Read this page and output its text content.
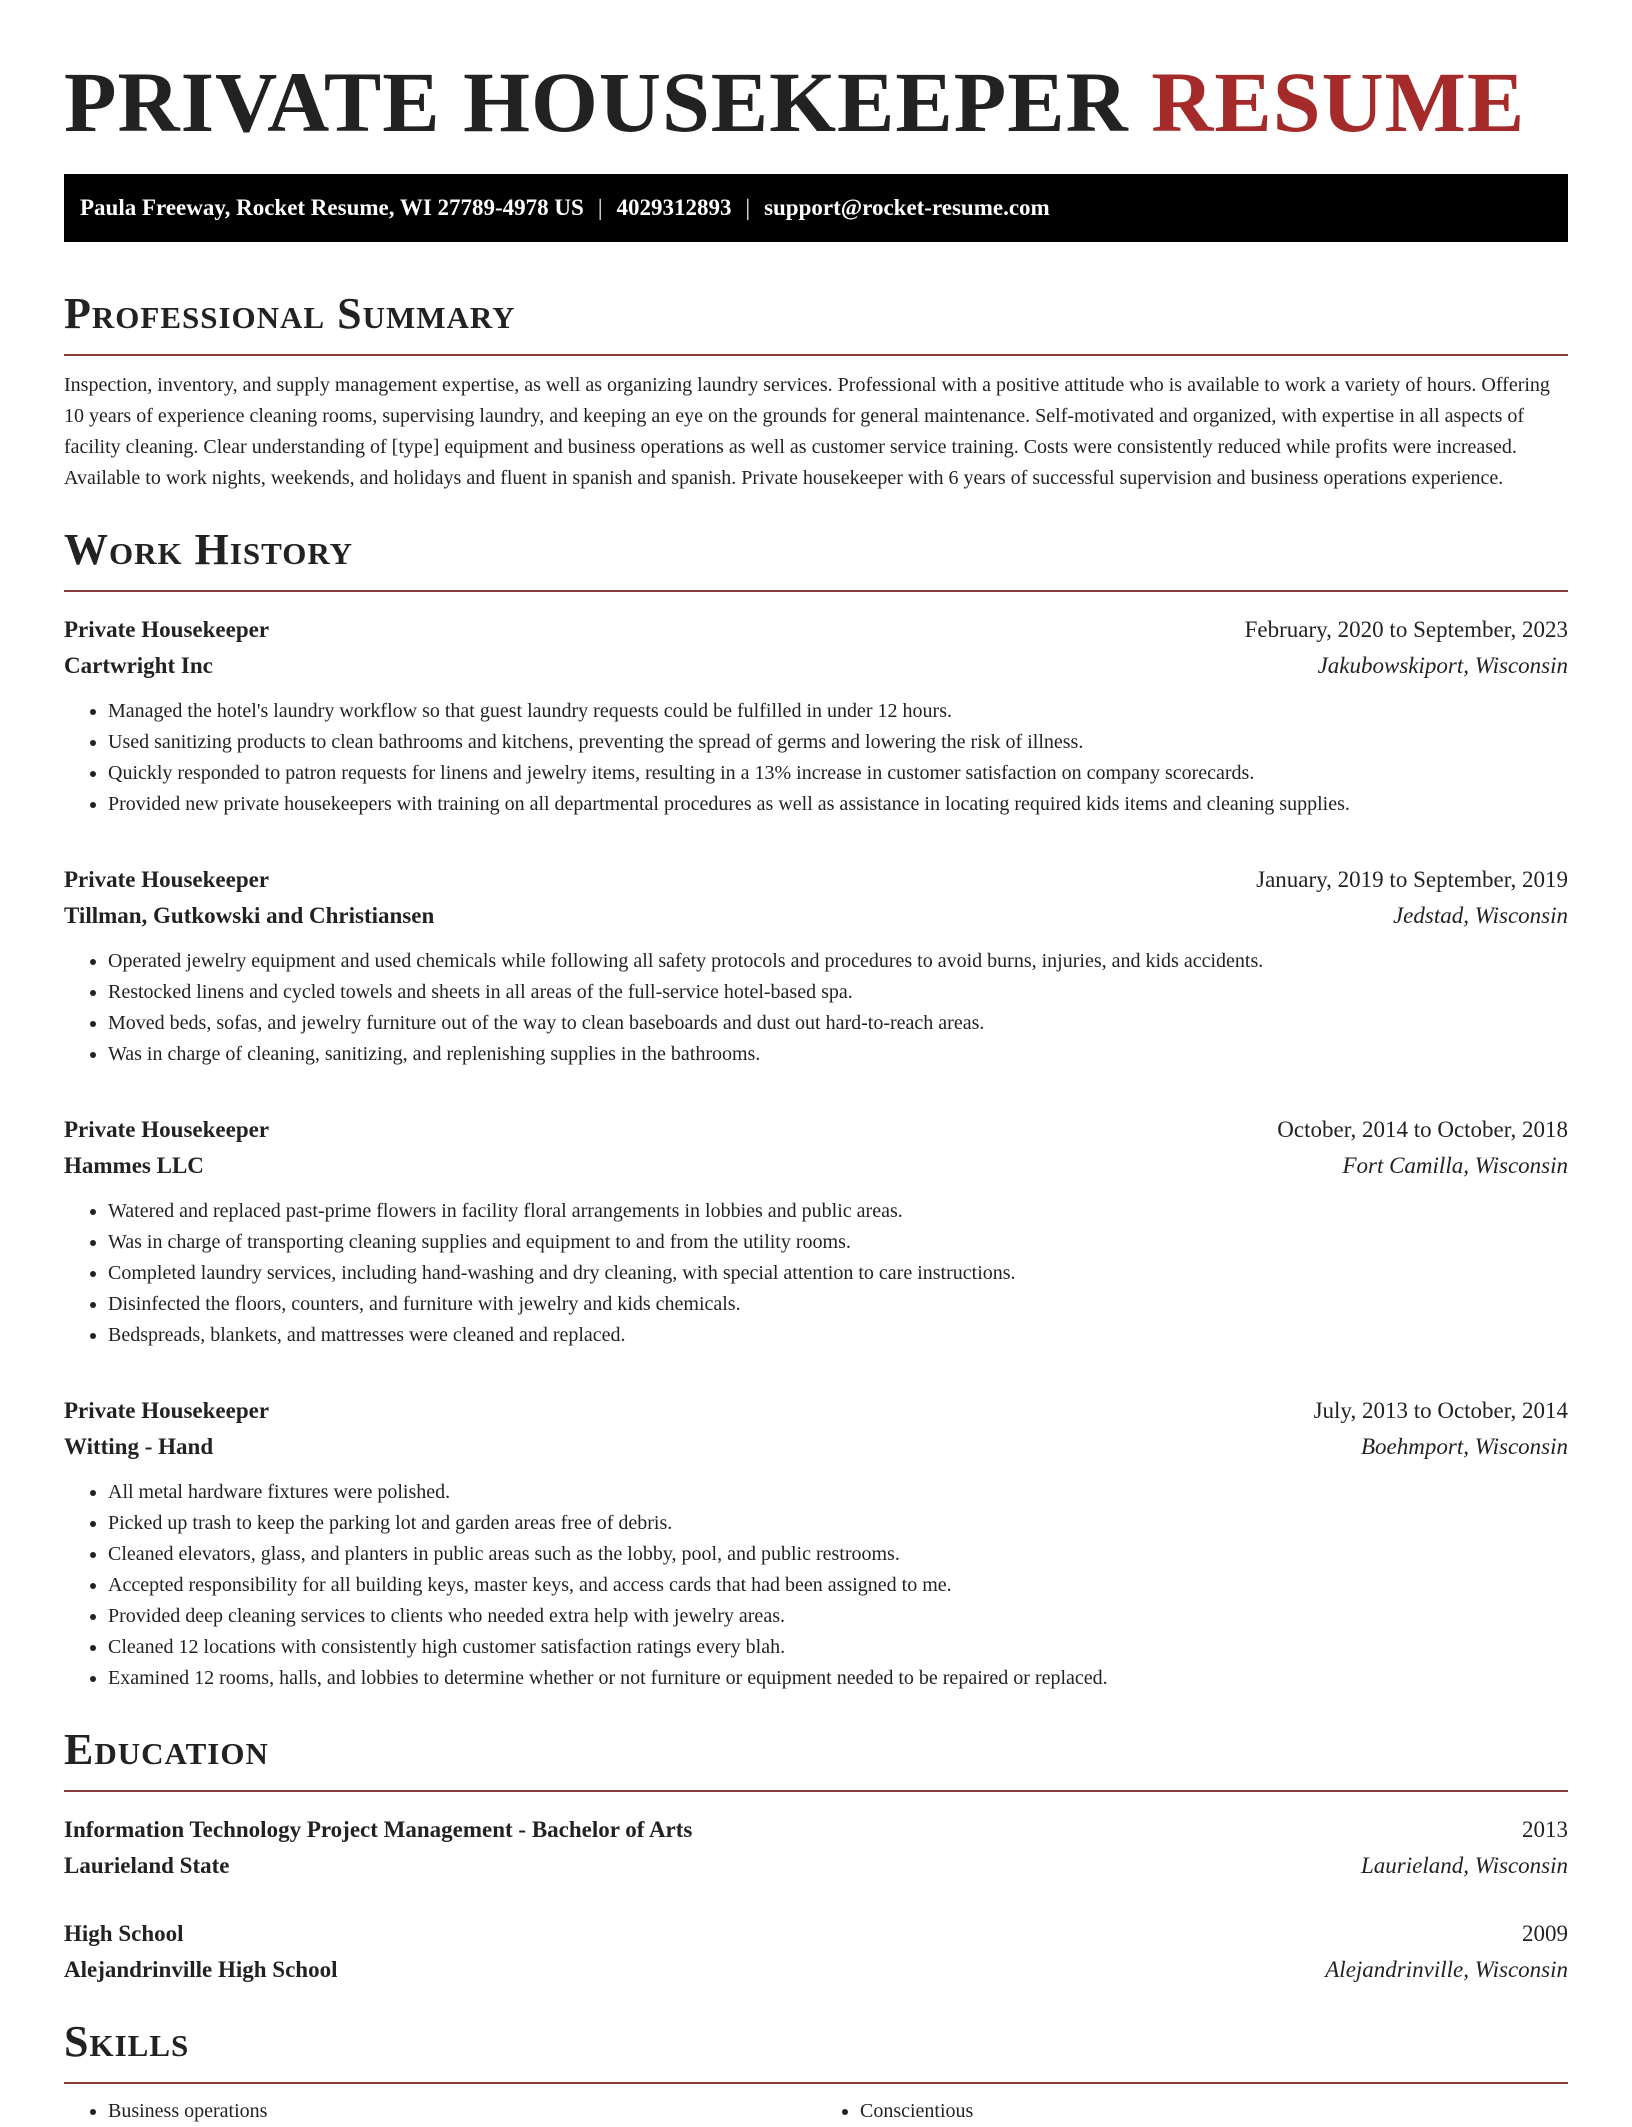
PRIVATE HOUSEKEEPER RESUME
Paula Freeway, Rocket Resume, WI 27789-4978 US | 4029312893 | support@rocket-resume.com
Professional Summary

Inspection, inventory, and supply management expertise, as well as organizing laundry services. Professional with a positive attitude who is available to work a variety of hours. Offering 10 years of experience cleaning rooms, supervising laundry, and keeping an eye on the grounds for general maintenance. Self-motivated and organized, with expertise in all aspects of facility cleaning. Clear understanding of [type] equipment and business operations as well as customer service training. Costs were consistently reduced while profits were increased. Available to work nights, weekends, and holidays and fluent in spanish and spanish. Private housekeeper with 6 years of successful supervision and business operations experience.

Work History
Private Housekeeper	February, 2020 to September, 2023
Cartwright Inc	Jakubowskiport, Wisconsin
• Managed the hotel's laundry workflow so that guest laundry requests could be fulfilled in under 12 hours.
• Used sanitizing products to clean bathrooms and kitchens, preventing the spread of germs and lowering the risk of illness.
• Quickly responded to patron requests for linens and jewelry items, resulting in a 13% increase in customer satisfaction on company scorecards.
• Provided new private housekeepers with training on all departmental procedures as well as assistance in locating required kids items and cleaning supplies.
Private Housekeeper	January, 2019 to September, 2019
Tillman, Gutkowski and Christiansen	Jedstad, Wisconsin
• Operated jewelry equipment and used chemicals while following all safety protocols and procedures to avoid burns, injuries, and kids accidents.
• Restocked linens and cycled towels and sheets in all areas of the full-service hotel-based spa.
• Moved beds, sofas, and jewelry furniture out of the way to clean baseboards and dust out hard-to-reach areas.
• Was in charge of cleaning, sanitizing, and replenishing supplies in the bathrooms.
Private Housekeeper	October, 2014 to October, 2018
Hammes LLC	Fort Camilla, Wisconsin
• Watered and replaced past-prime flowers in facility floral arrangements in lobbies and public areas.
• Was in charge of transporting cleaning supplies and equipment to and from the utility rooms.
• Completed laundry services, including hand-washing and dry cleaning, with special attention to care instructions.
• Disinfected the floors, counters, and furniture with jewelry and kids chemicals.
• Bedspreads, blankets, and mattresses were cleaned and replaced.
Private Housekeeper	July, 2013 to October, 2014
Witting - Hand	Boehmport, Wisconsin
• All metal hardware fixtures were polished.
• Picked up trash to keep the parking lot and garden areas free of debris.
• Cleaned elevators, glass, and planters in public areas such as the lobby, pool, and public restrooms.
• Accepted responsibility for all building keys, master keys, and access cards that had been assigned to me.
• Provided deep cleaning services to clients who needed extra help with jewelry areas.
• Cleaned 12 locations with consistently high customer satisfaction ratings every blah.
• Examined 12 rooms, halls, and lobbies to determine whether or not furniture or equipment needed to be repaired or replaced.
Education
Information Technology Project Management - Bachelor of Arts	2013
Laurieland State	Laurieland, Wisconsin
High School	2009
Alejandrinville High School	Alejandrinville, Wisconsin
Skills
• Business operations
•	Conscientious
